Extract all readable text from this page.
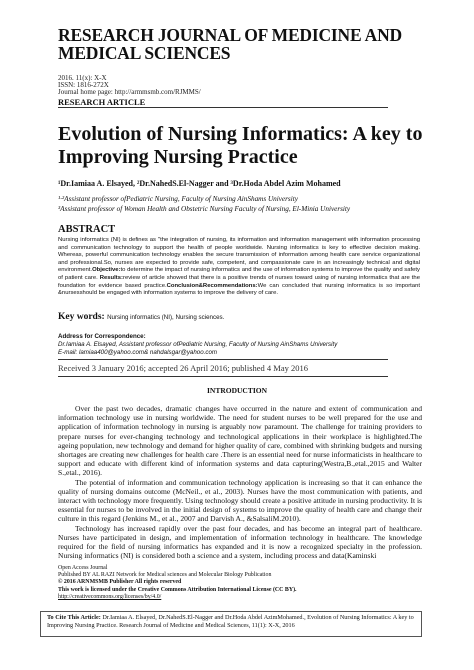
RESEARCH JOURNAL OF MEDICINE AND
MEDICAL SCIENCES
2016. 11(x): X-X
ISSN: 1816-272X
Journal home page: http://armmsmb.com/RJMMS/
RESEARCH ARTICLE
Evolution of Nursing Informatics: A key to
Improving Nursing Practice
¹Dr.Iamiaa A. Elsayed, ²Dr.NahedS.El-Nagger and ³Dr.Hoda Abdel Azim Mohamed
¹·²Assistant professor ofPediatric Nursing, Faculty of Nursing AinShams University
³Assistant professor of Woman Health and Obstetric Nursing Faculty of Nursing, El-Minia University
ABSTRACT
Nursing informatics (NI) is defines as "the integration of nursing, its information and information management with information processing and communication technology to support the health of people worldwide. Nursing informatics is key to effective decision making. Whereas, powerful communication technology enables the secure transmission of information among health care service organizational and professional.So, nurses are expected to provide safe, competent, and compassionate care in an increasingly technical and digital environment.Objective:to determine the impact of nursing informatics and the use of information systems to improve the quality and safety of patient care. Results:review of article showed that there is a positive trends of nurses toward using of nursing informatics that are the foundation for evidence based practice.Conclusion&Recommendations:We can concluded that nursing informatics is so important &nursesshould be engaged with information systems to improve the delivery of care.
Key words: Nursing informatics (NI), Nursing sciences.
Address for Correspondence:
Dr.Iamiaa A. Elsayed, Assistant professor ofPediatric Nursing, Faculty of Nursing AinShams University
E-mail: lamiaa400@yahoo.com& nahdalsgar@yahoo.com
Received 3 January 2016; accepted 26 April 2016; published 4 May 2016
INTRODUCTION

Over the past two decades, dramatic changes have occurred in the nature and extent of communication and information technology use in nursing worldwide. The need for student nurses to be well prepared for the use and application of information technology in nursing is arguably now paramount. The challenge for training providers to prepare nurses for ever-changing technology and technological applications in their workplace is highlighted.The ageing population, new technology and demand for higher quality of care, combined with shrinking budgets and nursing shortages are creating new challenges for health care .There is an essential need for nurse informaticists in healthcare to support and educate with different kind of information systems and data capturing(Westra,B.,etal.,2015 and Walter S.,etal., 2016).

The potential of information and communication technology application is increasing so that it can enhance the quality of nursing domains outcome (McNeil., et al., 2003). Nurses have the most communication with patients, and interact with technology more frequently. Using technology should create a positive attitude in nursing productivity. It is essential for nurses to be involved in the initial design of systems to improve the quality of health care and change their culture in this regard (Jenkins M., et al., 2007 and Darvish A., &SalsaliM.2010).

Technology has increased rapidly over the past four decades, and has become an integral part of healthcare. Nurses have participated in design, and implementation of information technology in healthcare. The knowledge required for the field of nursing informatics has expanded and it is now a recognized specialty in the profession. Nursing informatics (NI) is considered both a science and a system, including process and data(Kaminski

Open Access Journal
Published BY AL RAZI Network for Medical sciences and Molecular Biology Publication
© 2016 ARNMSMB Publisher All rights reserved
This work is licensed under the Creative Commons Attribution International License (CC BY).
http://creativecommons.org/licenses/by/4.0/
To Cite This Article: Dr.Iamiaa A. Elsayed, Dr.NahedS.El-Nagger and Dr.Hoda Abdel AzimMohamed., Evolution of Nursing Informatics: A key to Improving Nursing Practice. Research Journal of Medicine and Medical Sciences, 11(1): X-X, 2016
